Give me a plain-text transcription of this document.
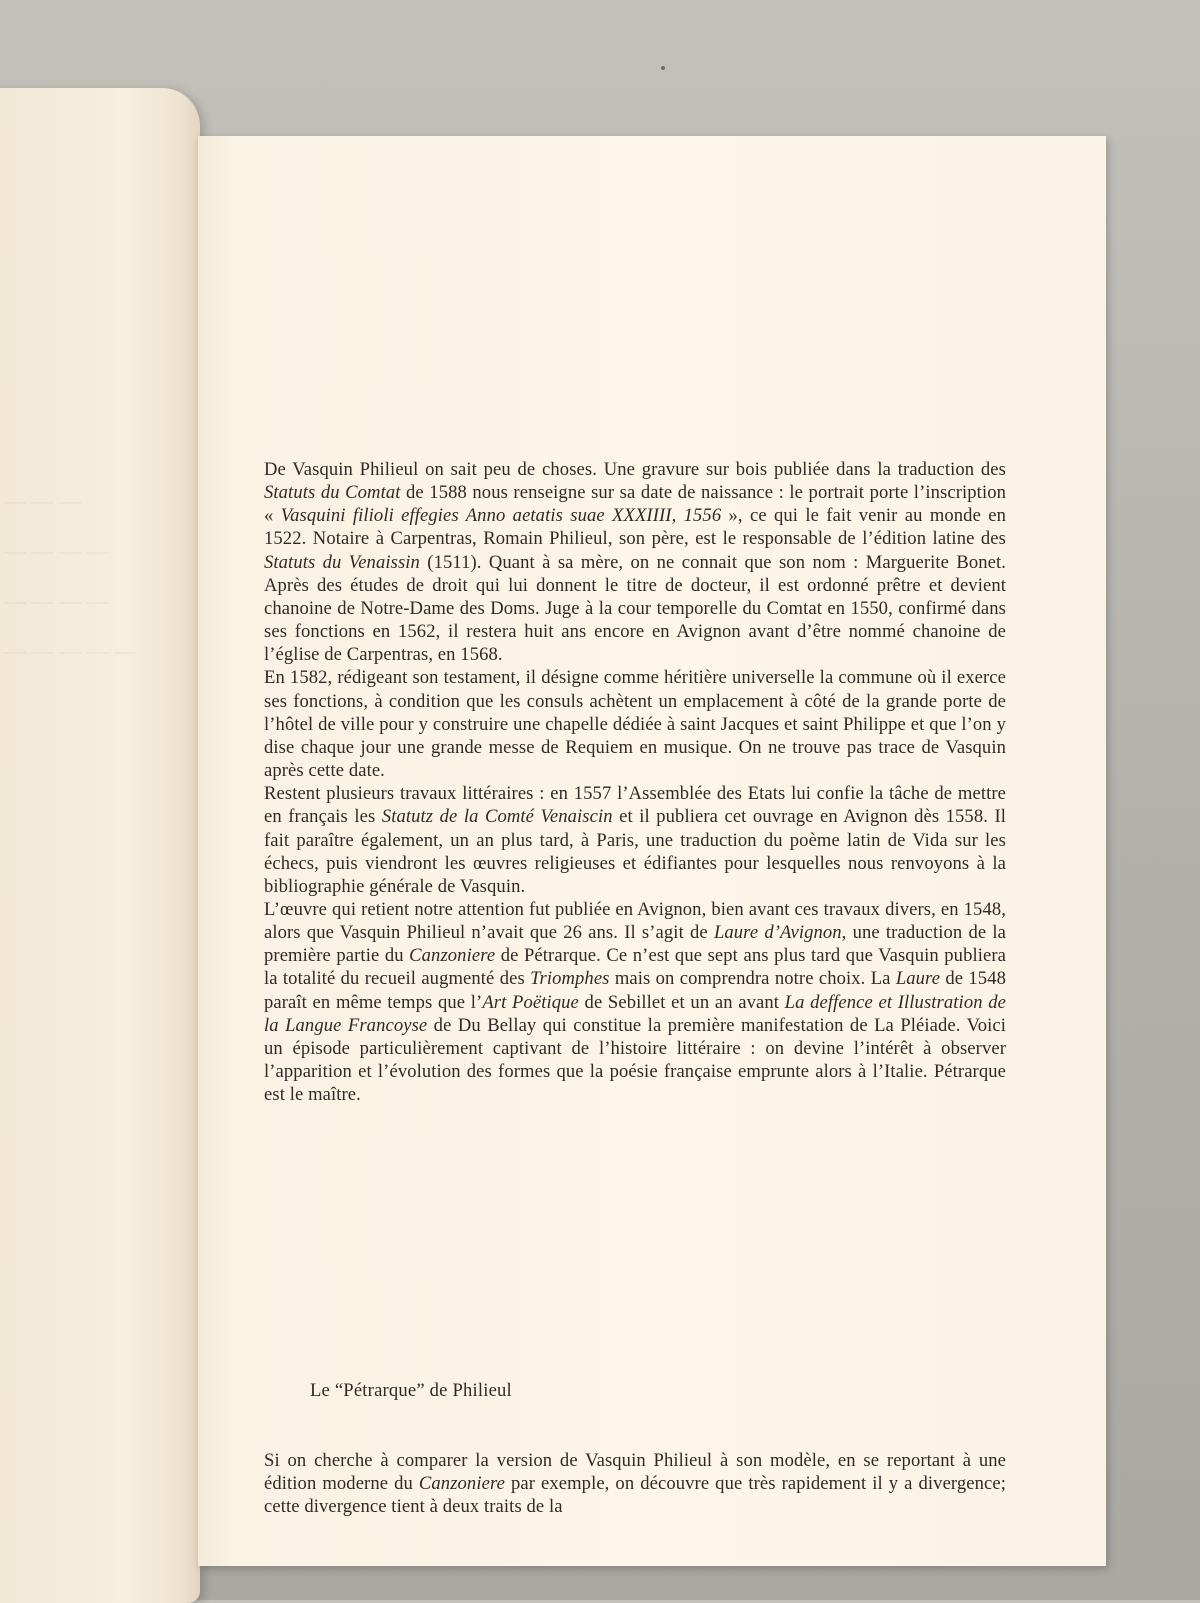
— — —
— — — —
— — — —
— — — — —

De Vasquin Philieul on sait peu de choses. Une gravure sur bois publiée dans la traduction des Statuts du Comtat de 1588 nous renseigne sur sa date de naissance : le portrait porte l’inscription « Vasquini filioli effegies Anno aetatis suae XXXIIII, 1556 », ce qui le fait venir au monde en 1522. Notaire à Carpentras, Romain Philieul, son père, est le responsable de l’édition latine des Statuts du Venaissin (1511). Quant à sa mère, on ne connait que son nom : Marguerite Bonet. Après des études de droit qui lui donnent le titre de docteur, il est ordonné prêtre et devient chanoine de Notre-Dame des Doms. Juge à la cour temporelle du Comtat en 1550, confirmé dans ses fonctions en 1562, il restera huit ans encore en Avignon avant d’être nommé chanoine de l’église de Carpentras, en 1568.

En 1582, rédigeant son testament, il désigne comme héritière universelle la commune où il exerce ses fonctions, à condition que les consuls achètent un emplacement à côté de la grande porte de l’hôtel de ville pour y construire une chapelle dédiée à saint Jacques et saint Philippe et que l’on y dise chaque jour une grande messe de Requiem en musique. On ne trouve pas trace de Vasquin après cette date.

Restent plusieurs travaux littéraires : en 1557 l’Assemblée des Etats lui confie la tâche de mettre en français les Statutz de la Comté Venaiscin et il publiera cet ouvrage en Avignon dès 1558. Il fait paraître également, un an plus tard, à Paris, une traduction du poème latin de Vida sur les échecs, puis viendront les œuvres religieuses et édifiantes pour lesquelles nous renvoyons à la bibliographie générale de Vasquin.

L’œuvre qui retient notre attention fut publiée en Avignon, bien avant ces travaux divers, en 1548, alors que Vasquin Philieul n’avait que 26 ans. Il s’agit de Laure d’Avignon, une traduction de la première partie du Canzoniere de Pétrarque. Ce n’est que sept ans plus tard que Vasquin publiera la totalité du recueil augmenté des Triomphes mais on comprendra notre choix. La Laure de 1548 paraît en même temps que l’Art Poëtique de Sebillet et un an avant La deffence et Illustration de la Langue Francoyse de Du Bellay qui constitue la première manifestation de La Pléiade. Voici un épisode particulièrement captivant de l’histoire littéraire : on devine l’intérêt à observer l’apparition et l’évolution des formes que la poésie française emprunte alors à l’Italie. Pétrarque est le maître.

Le “Pétrarque” de Philieul

Si on cherche à comparer la version de Vasquin Philieul à son modèle, en se reportant à une édition moderne du Canzoniere par exemple, on découvre que très rapidement il y a divergence; cette divergence tient à deux traits de la
